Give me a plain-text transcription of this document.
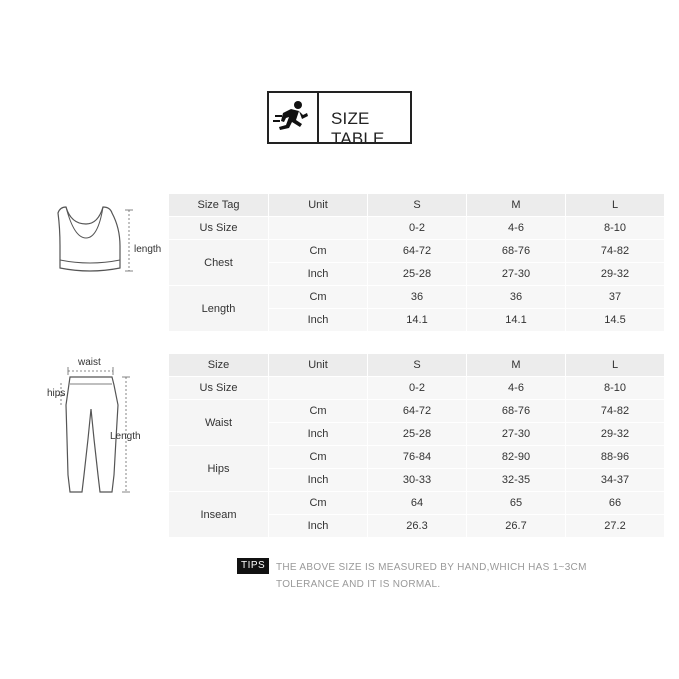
SIZE TABLE
length
waist
hips
Length
Size Tag	Unit	S	M	L
Us Size		0-2	4-6	8-10
Chest	Cm	64-72	68-76	74-82
	Inch	25-28	27-30	29-32
Length	Cm	36	36	37
	Inch	14.1	14.1	14.5
Size	Unit	S	M	L
Us Size		0-2	4-6	8-10
Waist	Cm	64-72	68-76	74-82
	Inch	25-28	27-30	29-32
Hips	Cm	76-84	82-90	88-96
	Inch	30-33	32-35	34-37
Inseam	Cm	64	65	66
	Inch	26.3	26.7	27.2
TIPS	THE ABOVE SIZE IS MEASURED BY HAND,WHICH HAS 1~3CM TOLERANCE AND IT IS NORMAL.
